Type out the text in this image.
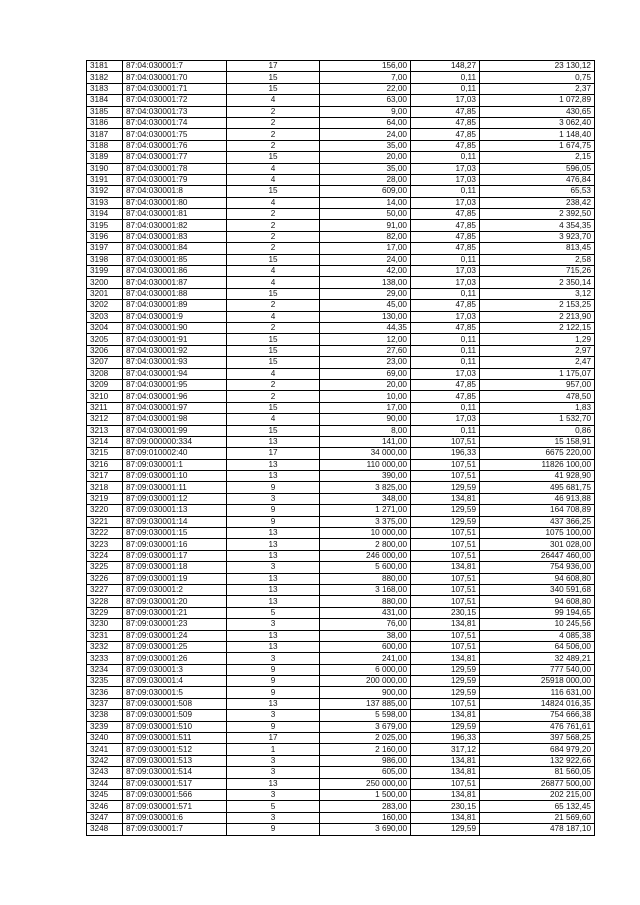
3181	87:04:030001:7	17	156,00	148,27	23 130,12
3182	87:04:030001:70	15	7,00	0,11	0,75
3183	87:04:030001:71	15	22,00	0,11	2,37
3184	87:04:030001:72	4	63,00	17,03	1 072,89
3185	87:04:030001:73	2	9,00	47,85	430,65
3186	87:04:030001:74	2	64,00	47,85	3 062,40
3187	87:04:030001:75	2	24,00	47,85	1 148,40
3188	87:04:030001:76	2	35,00	47,85	1 674,75
3189	87:04:030001:77	15	20,00	0,11	2,15
3190	87:04:030001:78	4	35,00	17,03	596,05
3191	87:04:030001:79	4	28,00	17,03	476,84
3192	87:04:030001:8	15	609,00	0,11	65,53
3193	87:04:030001:80	4	14,00	17,03	238,42
3194	87:04:030001:81	2	50,00	47,85	2 392,50
3195	87:04:030001:82	2	91,00	47,85	4 354,35
3196	87:04:030001:83	2	82,00	47,85	3 923,70
3197	87:04:030001:84	2	17,00	47,85	813,45
3198	87:04:030001:85	15	24,00	0,11	2,58
3199	87:04:030001:86	4	42,00	17,03	715,26
3200	87:04:030001:87	4	138,00	17,03	2 350,14
3201	87:04:030001:88	15	29,00	0,11	3,12
3202	87:04:030001:89	2	45,00	47,85	2 153,25
3203	87:04:030001:9	4	130,00	17,03	2 213,90
3204	87:04:030001:90	2	44,35	47,85	2 122,15
3205	87:04:030001:91	15	12,00	0,11	1,29
3206	87:04:030001:92	15	27,60	0,11	2,97
3207	87:04:030001:93	15	23,00	0,11	2,47
3208	87:04:030001:94	4	69,00	17,03	1 175,07
3209	87:04:030001:95	2	20,00	47,85	957,00
3210	87:04:030001:96	2	10,00	47,85	478,50
3211	87:04:030001:97	15	17,00	0,11	1,83
3212	87:04:030001:98	4	90,00	17,03	1 532,70
3213	87:04:030001:99	15	8,00	0,11	0,86
3214	87:09:000000:334	13	141,00	107,51	15 158,91
3215	87:09:010002:40	17	34 000,00	196,33	6675 220,00
3216	87:09:030001:1	13	110 000,00	107,51	11826 100,00
3217	87:09:030001:10	13	390,00	107,51	41 928,90
3218	87:09:030001:11	9	3 825,00	129,59	495 681,75
3219	87:09:030001:12	3	348,00	134,81	46 913,88
3220	87:09:030001:13	9	1 271,00	129,59	164 708,89
3221	87:09:030001:14	9	3 375,00	129,59	437 366,25
3222	87:09:030001:15	13	10 000,00	107,51	1075 100,00
3223	87:09:030001:16	13	2 800,00	107,51	301 028,00
3224	87:09:030001:17	13	246 000,00	107,51	26447 460,00
3225	87:09:030001:18	3	5 600,00	134,81	754 936,00
3226	87:09:030001:19	13	880,00	107,51	94 608,80
3227	87:09:030001:2	13	3 168,00	107,51	340 591,68
3228	87:09:030001:20	13	880,00	107,51	94 608,80
3229	87:09:030001:21	5	431,00	230,15	99 194,65
3230	87:09:030001:23	3	76,00	134,81	10 245,56
3231	87:09:030001:24	13	38,00	107,51	4 085,38
3232	87:09:030001:25	13	600,00	107,51	64 506,00
3233	87:09:030001:26	3	241,00	134,81	32 489,21
3234	87:09:030001:3	9	6 000,00	129,59	777 540,00
3235	87:09:030001:4	9	200 000,00	129,59	25918 000,00
3236	87:09:030001:5	9	900,00	129,59	116 631,00
3237	87:09:030001:508	13	137 885,00	107,51	14824 016,35
3238	87:09:030001:509	3	5 598,00	134,81	754 666,38
3239	87:09:030001:510	9	3 679,00	129,59	476 761,61
3240	87:09:030001:511	17	2 025,00	196,33	397 568,25
3241	87:09:030001:512	1	2 160,00	317,12	684 979,20
3242	87:09:030001:513	3	986,00	134,81	132 922,66
3243	87:09:030001:514	3	605,00	134,81	81 560,05
3244	87:09:030001:517	13	250 000,00	107,51	26877 500,00
3245	87:09:030001:566	3	1 500,00	134,81	202 215,00
3246	87:09:030001:571	5	283,00	230,15	65 132,45
3247	87:09:030001:6	3	160,00	134,81	21 569,60
3248	87:09:030001:7	9	3 690,00	129,59	478 187,10
